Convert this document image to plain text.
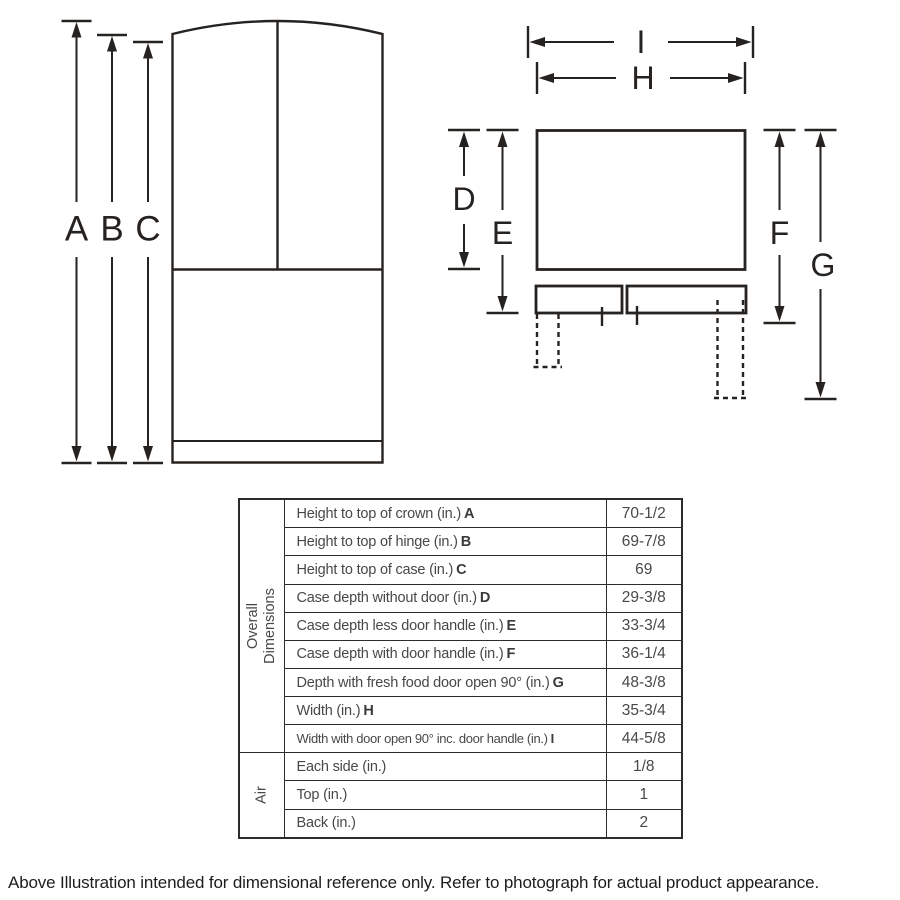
A B C
I
H
D
E	F
G
Overall Dimensions	Height to top of crown (in.) A	70-1/2
	Height to top of hinge (in.) B	69-7/8
	Height to top of case (in.) C	69
	Case depth without door (in.) D	29-3/8
	Case depth less door handle (in.) E	33-3/4
	Case depth with door handle (in.) F	36-1/4
	Depth with fresh food door open 90° (in.) G	48-3/8
	Width (in.) H	35-3/4
	Width with door open 90° inc. door handle (in.) I	44-5/8

Air	Each side (in.)	1/8
	Top (in.)	1
	Back (in.)	2
Above Illustration intended for dimensional reference only. Refer to photograph for actual product appearance.
